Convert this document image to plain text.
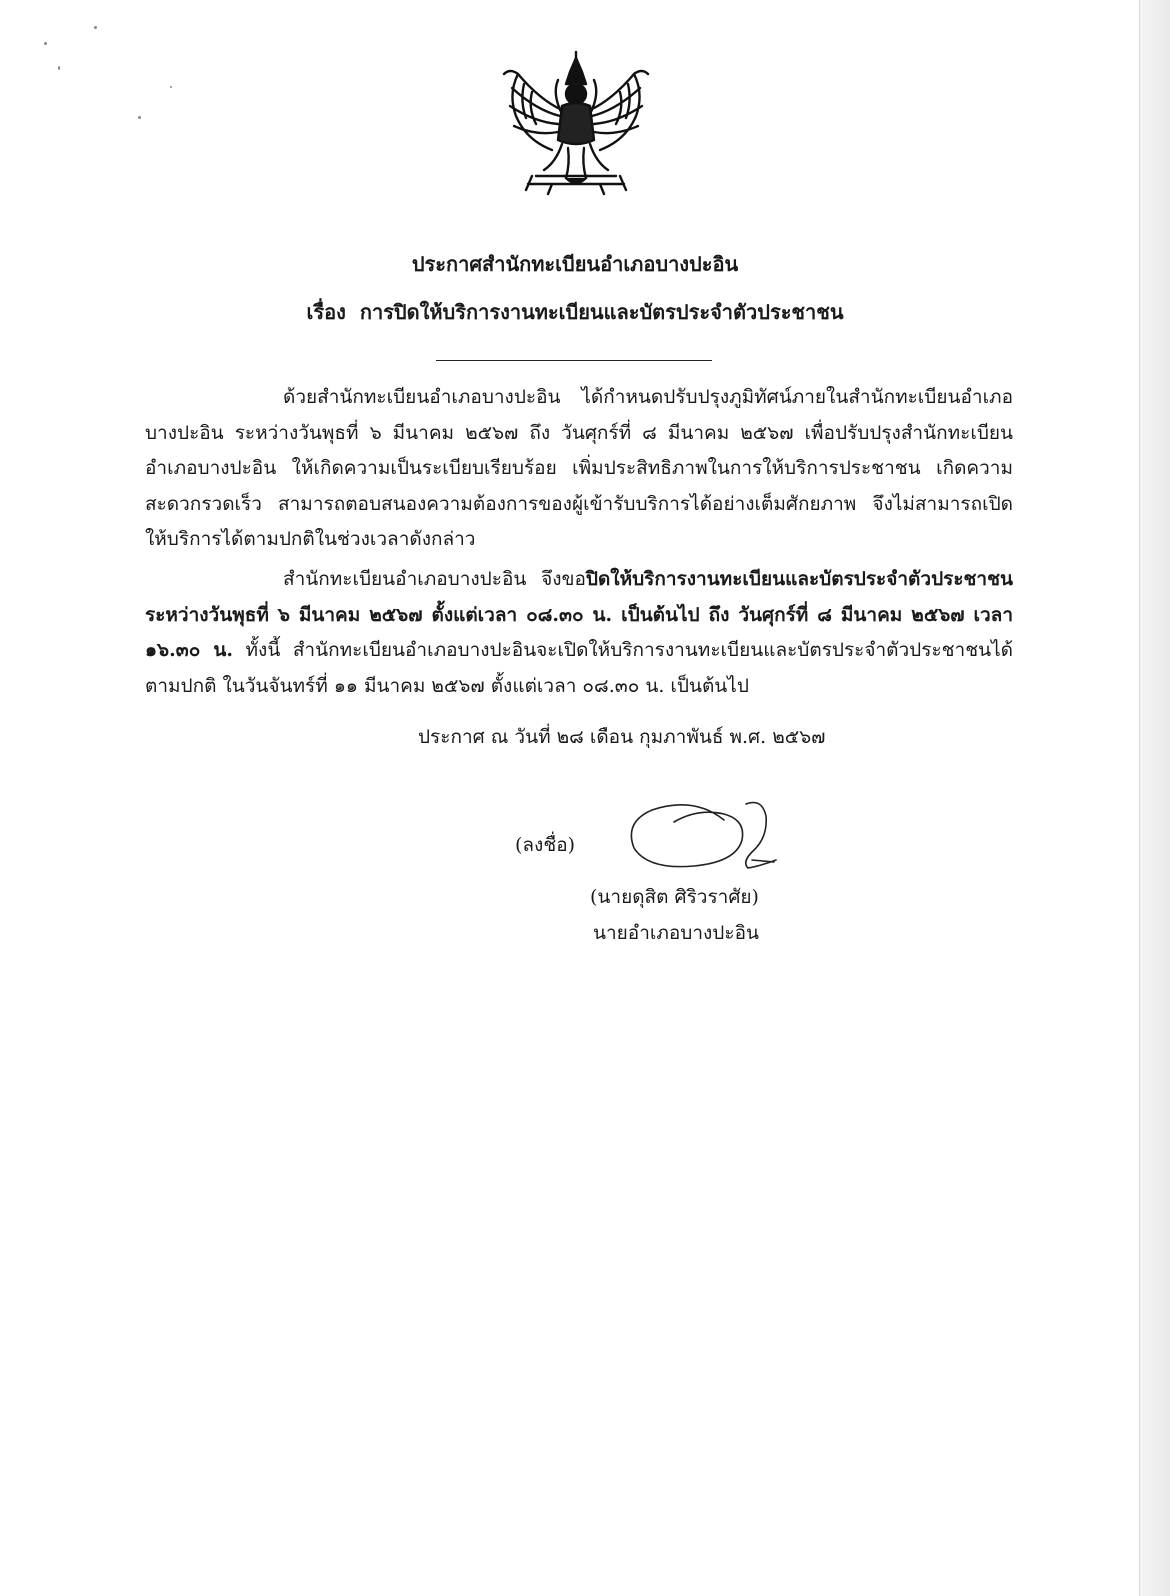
ประกาศสำนักทะเบียนอำเภอบางปะอิน
เรื่อง การปิดให้บริการงานทะเบียนและบัตรประจำตัวประชาชน
ด้วยสำนักทะเบียนอำเภอบางปะอิน ได้กำหนดปรับปรุงภูมิทัศน์ภายในสำนักทะเบียนอำเภอบางปะอิน ระหว่างวันพุธที่ ๖ มีนาคม ๒๕๖๗ ถึง วันศุกร์ที่ ๘ มีนาคม ๒๕๖๗ เพื่อปรับปรุงสำนักทะเบียนอำเภอบางปะอิน ให้เกิดความเป็นระเบียบเรียบร้อย เพิ่มประสิทธิภาพในการให้บริการประชาชน เกิดความสะดวกรวดเร็ว สามารถตอบสนองความต้องการของผู้เข้ารับบริการได้อย่างเต็มศักยภาพ จึงไม่สามารถเปิดให้บริการได้ตามปกติในช่วงเวลาดังกล่าว
สำนักทะเบียนอำเภอบางปะอิน จึงขอปิดให้บริการงานทะเบียนและบัตรประจำตัวประชาชน ระหว่างวันพุธที่ ๖ มีนาคม ๒๕๖๗ ตั้งแต่เวลา ๐๘.๓๐ น. เป็นต้นไป ถึง วันศุกร์ที่ ๘ มีนาคม ๒๕๖๗ เวลา ๑๖.๓๐ น. ทั้งนี้ สำนักทะเบียนอำเภอบางปะอินจะเปิดให้บริการงานทะเบียนและบัตรประจำตัวประชาชนได้ตามปกติ ในวันจันทร์ที่ ๑๑ มีนาคม ๒๕๖๗ ตั้งแต่เวลา ๐๘.๓๐ น. เป็นต้นไป
ประกาศ ณ วันที่ ๒๘ เดือน กุมภาพันธ์ พ.ศ. ๒๕๖๗
(ลงชื่อ)
(นายดุสิต ศิริวราศัย)
นายอำเภอบางปะอิน
